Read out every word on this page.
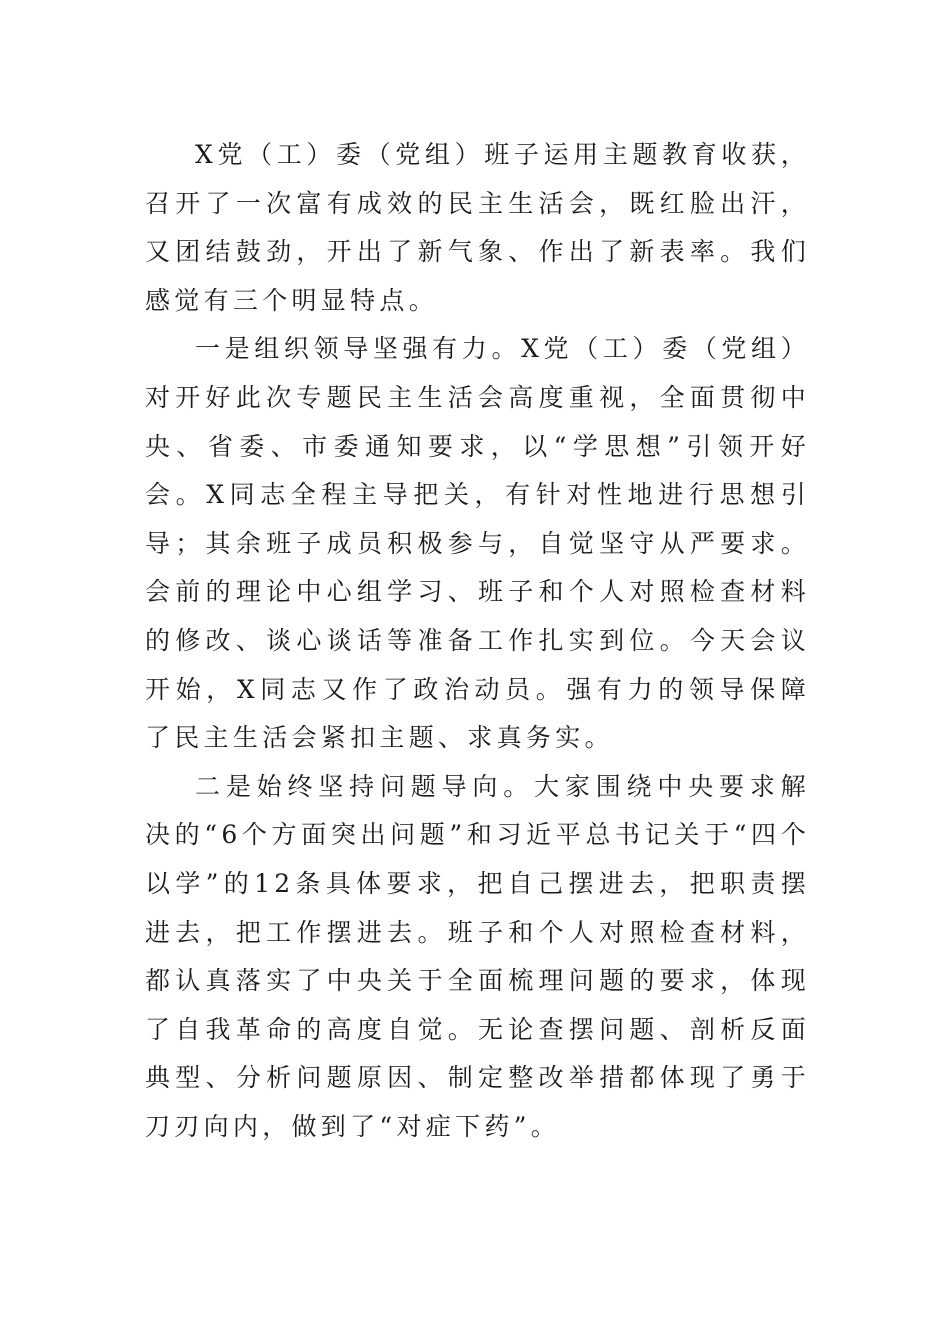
X党（工）委（党组）班子运用主题教育收获，召开了一次富有成效的民主生活会，既红脸出汗，又团结鼓劲，开出了新气象、作出了新表率。我们感觉有三个明显特点。

一是组织领导坚强有力。X党（工）委（党组）对开好此次专题民主生活会高度重视，全面贯彻中央、省委、市委通知要求，以“学思想”引领开好会。X同志全程主导把关，有针对性地进行思想引导；其余班子成员积极参与，自觉坚守从严要求。会前的理论中心组学习、班子和个人对照检查材料的修改、谈心谈话等准备工作扎实到位。今天会议开始，X同志又作了政治动员。强有力的领导保障了民主生活会紧扣主题、求真务实。

二是始终坚持问题导向。大家围绕中央要求解决的“6个方面突出问题”和习近平总书记关于“四个以学”的12条具体要求，把自己摆进去，把职责摆进去，把工作摆进去。班子和个人对照检查材料，都认真落实了中央关于全面梳理问题的要求，体现了自我革命的高度自觉。无论查摆问题、剖析反面典型、分析问题原因、制定整改举措都体现了勇于刀刃向内，做到了“对症下药”。
